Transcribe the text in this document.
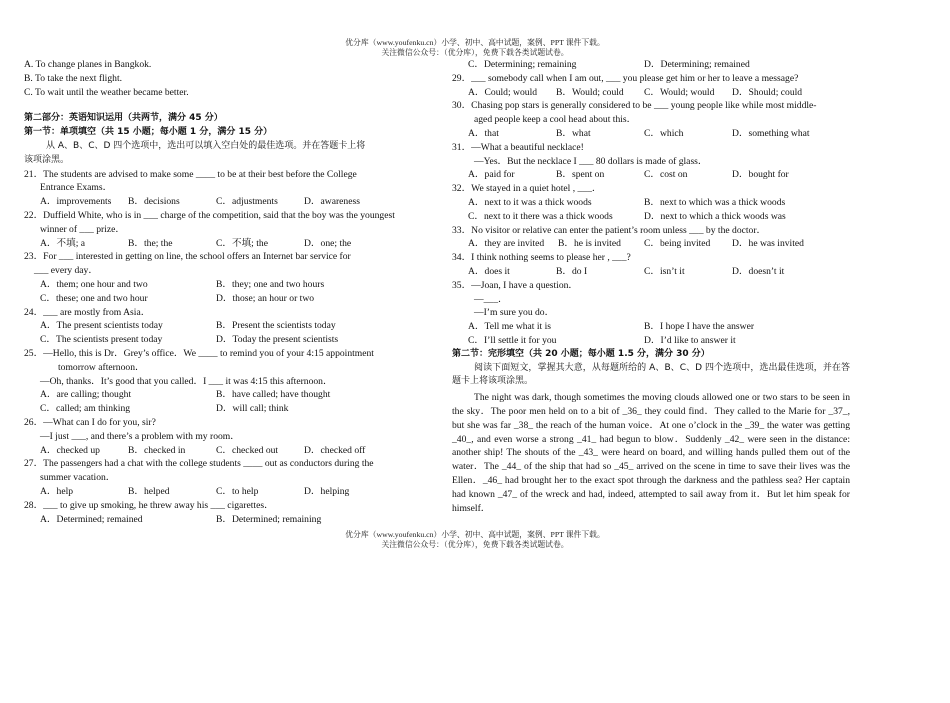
优分库（www.youfenku.cn）小学、初中、高中试题，案例、PPT 课件下载。
关注微信公众号：（优分库），免费下载各类试题试卷。
A. To change planes in Bangkok.
B. To take the next flight.
C. To wait until the weather became better.
第二部分：英语知识运用（共两节，满分 45 分）
第一节：单项填空（共 15 小题；每小题 1 分，满分 15 分）
从 A、B、C、D 四个选项中，选出可以填入空白处的最佳选项。并在答题卡上将
该项涂黑。
21．The students are advised to make some ____ to be at their best before the College
Entrance Exams．
A．improvements	B．decisions	C．adjustments	D．awareness
22．Duffield White, who is in ___ charge of the competition, said that the boy was the youngest
winner of ___ prize．
A．不填; a	B．the; the	C．不填; the	D．one; the
23．For ___ interested in getting on line, the school offers an Internet bar service for
___ every day．
A．them; one hour and two	B．they; one and two hours
C．these; one and two hour	D．those; an hour or two
24．___ are mostly from Asia．
A．The present scientists today	B．Present the scientists today
C．The scientists present today	D．Today the present scientists
25．—Hello, this is Dr．Grey’s office．We ____ to remind you of your 4:15 appointment
tomorrow afternoon．
—Oh, thanks．It’s good that you called．I ___ it was 4:15 this afternoon．
A．are calling; thought	B．have called; have thought
C．called; am thinking	D．will call; think
26．—What can I do for you, sir?
—I just ___, and there’s a problem with my room．
A．checked up	B．checked in	C．checked out	D．checked off
27．The passengers had a chat with the college students ____ out as conductors during the
summer vacation．
A．help	B．helped	C．to help	D．helping
28．___ to give up smoking, he threw away his ___ cigarettes．
A．Determined; remained	B．Determined; remaining
C．Determining; remaining	D．Determining; remained
29．___ somebody call when I am out, ___ you please get him or her to leave a message?
A．Could; would	B．Would; could	C．Would; would	D．Should; could
30．Chasing pop stars is generally considered to be ___ young people like while most middle-
aged people keep a cool head about this．
A．that	B．what	C．which	D．something what
31．—What a beautiful necklace!
—Yes．But the necklace I ___ 80 dollars is made of glass．
A．paid for	B．spent on	C．cost on	D．bought for
32．We stayed in a quiet hotel , ___．
A．next to it was a thick woods	B．next to which was a thick woods
C．next to it there was a thick woods	D．next to which a thick woods was
33．No visitor or relative can enter the patient’s room unless ___ by the doctor．
A．they are invited	B．he is invited	C．being invited	D．he was invited
34．I think nothing seems to please her , ___?
A．does it	B．do I	C．isn’t it	D．doesn’t it
35．—Joan, I have a question．
—___．
—I’m sure you do．
A．Tell me what it is	B．I hope I have the answer
C．I’ll settle it for you	D．I’d like to answer it
第二节：完形填空（共 20 小题；每小题 1.5 分，满分 30 分）
阅读下面短文，掌握其大意，从每题所给的 A、B、C、D 四个选项中，选出最佳选项，并在答题卡上将该项涂黑。
The night was dark, though sometimes the moving clouds allowed one or two stars to be seen in the sky．The poor men held on to a bit of _36_ they could find．They called to the Marie for _37_, but she was far _38_ the reach of the human voice．At one o’clock in the _39_ the water was getting _40_, and even worse a strong _41_ had begun to blow．Suddenly _42_ were seen in the distance: another ship! The shouts of the _43_ were heard on board, and willing hands pulled them out of the water．The _44_ of the ship that had so _45_ arrived on the scene in time to save their lives was the Ellen．_46_ had brought her to the exact spot through the darkness and the pathless sea? Her captain had known _47_ of the wreck and had, indeed, attempted to sail away from it．But let him speak for himself．
优分库（www.youfenku.cn）小学、初中、高中试题，案例、PPT 课件下载。
关注微信公众号：（优分库），免费下载各类试题试卷。
